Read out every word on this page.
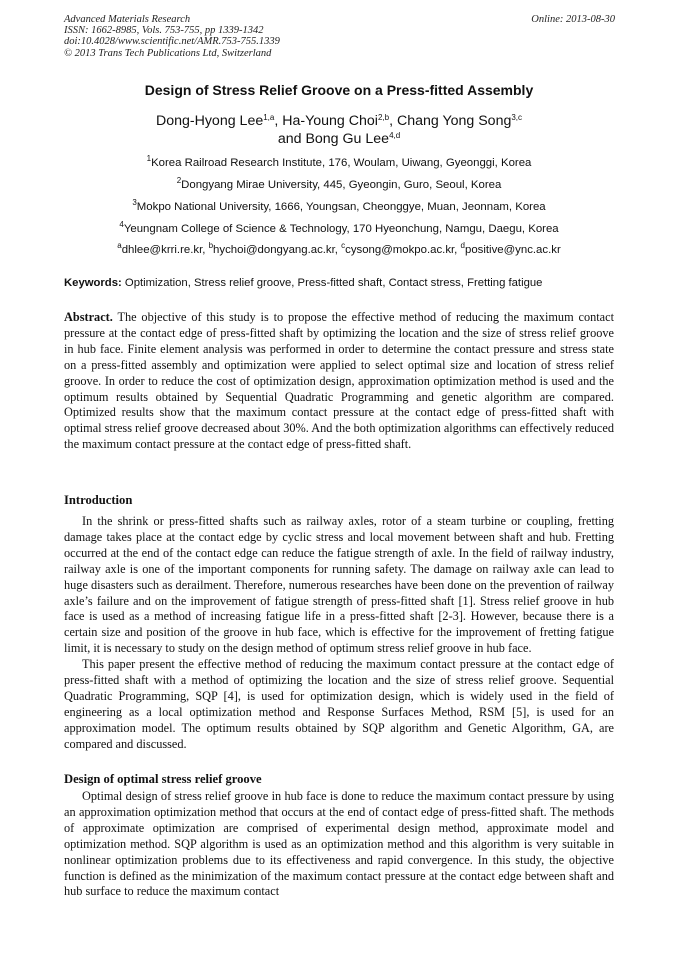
Advanced Materials Research
ISSN: 1662-8985, Vols. 753-755, pp 1339-1342
doi:10.4028/www.scientific.net/AMR.753-755.1339
© 2013 Trans Tech Publications Ltd, Switzerland
Online: 2013-08-30
Design of Stress Relief Groove on a Press-fitted Assembly
Dong-Hyong Lee$^{1,a}$, Ha-Young Choi$^{2,b}$, Chang Yong Song$^{3,c}$
and Bong Gu Lee$^{4,d}$
$^1$Korea Railroad Research Institute, 176, Woulam, Uiwang, Gyeonggi, Korea
$^2$Dongyang Mirae University, 445, Gyeongin, Guro, Seoul, Korea
$^3$Mokpo National University, 1666, Youngsan, Cheonggye, Muan, Jeonnam, Korea
$^4$Yeungnam College of Science & Technology, 170 Hyeonchung, Namgu, Daegu, Korea
$^a$dhlee@krri.re.kr, $^b$hychoi@dongyang.ac.kr, $^c$cysong@mokpo.ac.kr, $^d$positive@ync.ac.kr
Keywords: Optimization, Stress relief groove, Press-fitted shaft, Contact stress, Fretting fatigue

Abstract. The objective of this study is to propose the effective method of reducing the maximum contact pressure at the contact edge of press-fitted shaft by optimizing the location and the size of stress relief groove in hub face. Finite element analysis was performed in order to determine the contact pressure and stress state on a press-fitted assembly and optimization were applied to select optimal size and location of stress relief groove. In order to reduce the cost of optimization design, approximation optimization method is used and the optimum results obtained by Sequential Quadratic Programming and genetic algorithm are compared. Optimized results show that the maximum contact pressure at the contact edge of press-fitted shaft with optimal stress relief groove decreased about 30%. And the both optimization algorithms can effectively reduced the maximum contact pressure at the contact edge of press-fitted shaft.

Introduction

In the shrink or press-fitted shafts such as railway axles, rotor of a steam turbine or coupling, fretting damage takes place at the contact edge by cyclic stress and local movement between shaft and hub. Fretting occurred at the end of the contact edge can reduce the fatigue strength of axle. In the field of railway industry, railway axle is one of the important components for running safety. The damage on railway axle can lead to huge disasters such as derailment. Therefore, numerous researches have been done on the prevention of railway axle’s failure and on the improvement of fatigue strength of press-fitted shaft [1]. Stress relief groove in hub face is used as a method of increasing fatigue life in a press-fitted shaft [2-3]. However, because there is a certain size and position of the groove in hub face, which is effective for the improvement of fretting fatigue limit, it is necessary to study on the design method of optimum stress relief groove in hub face.

This paper present the effective method of reducing the maximum contact pressure at the contact edge of press-fitted shaft with a method of optimizing the location and the size of stress relief groove. Sequential Quadratic Programming, SQP [4], is used for optimization design, which is widely used in the field of engineering as a local optimization method and Response Surfaces Method, RSM [5], is used for an approximation model. The optimum results obtained by SQP algorithm and Genetic Algorithm, GA, are compared and discussed.

Design of optimal stress relief groove

Optimal design of stress relief groove in hub face is done to reduce the maximum contact pressure by using an approximation optimization method that occurs at the end of contact edge of press-fitted shaft. The methods of approximate optimization are comprised of experimental design method, approximate model and optimization method. SQP algorithm is used as an optimization method and this algorithm is very suitable in nonlinear optimization problems due to its effectiveness and rapid convergence. In this study, the objective function is defined as the minimization of the maximum contact pressure at the contact edge between shaft and hub surface to reduce the maximum contact
